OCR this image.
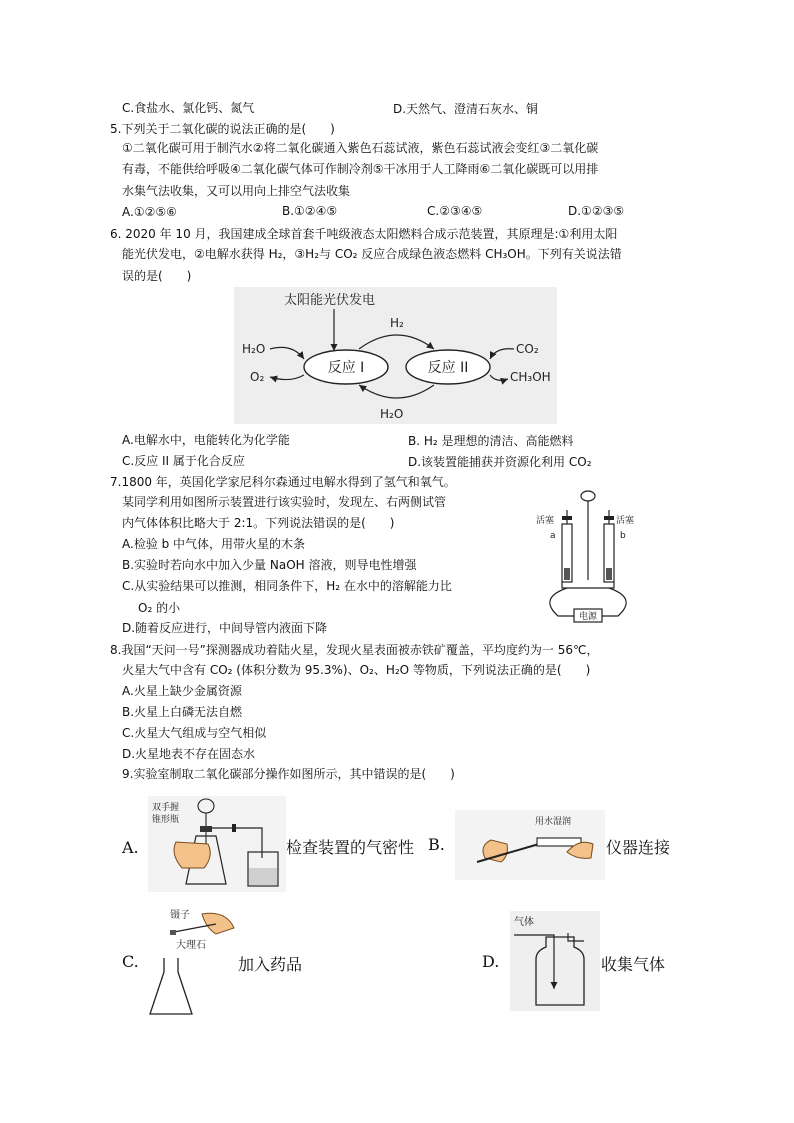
C.食盐水、氯化钙、氮气	D.天然气、澄清石灰水、铜
5.下列关于二氧化碳的说法正确的是(　　)
①二氧化碳可用于制汽水②将二氧化碳通入紫色石蕊试液，紫色石蕊试液会变红③二氧化碳
有毒，不能供给呼吸④二氧化碳气体可作制冷剂⑤干冰用于人工降雨⑥二氧化碳既可以用排
水集气法收集，又可以用向上排空气法收集
A.①②⑤⑥	B.①②④⑤	C.②③④⑤	D.①②③⑤
6. 2020 年 10 月，我国建成全球首套千吨级液态太阳燃料合成示范装置，其原理是:①利用太阳
能光伏发电，②电解水获得 H₂，③H₂与 CO₂ 反应合成绿色液态燃料 CH₃OH。下列有关说法错
误的是(　　)
太阳能光伏发电
反应 I	反应 II
H₂
H₂O
H₂O
O₂
CO₂
CH₃OH
A.电解水中，电能转化为化学能	B. H₂ 是理想的清洁、高能燃料
C.反应 II 属于化合反应	D.该装置能捕获并资源化利用 CO₂
7.1800 年，英国化学家尼科尔森通过电解水得到了氢气和氧气。
某同学利用如图所示装置进行该实验时，发现左、右两侧试管
内气体体积比略大于 2:1。下列说法错误的是(　　)
A.检验 b 中气体，用带火星的木条
B.实验时若向水中加入少量 NaOH 溶液，则导电性增强
C.从实验结果可以推测，相同条件下，H₂ 在水中的溶解能力比
O₂ 的小
D.随着反应进行，中间导管内液面下降
活塞	活塞
a	b
电源
8.我国“天问一号”探测器成功着陆火星，发现火星表面被赤铁矿覆盖，平均度约为一 56℃，
火星大气中含有 CO₂ (体积分数为 95.3%)、O₂、H₂O 等物质，下列说法正确的是(　　)
A.火星上缺少金属资源
B.火星上白磷无法自燃
C.火星大气组成与空气相似
D.火星地表不存在固态水
9.实验室制取二氧化碳部分操作如图所示，其中错误的是(　　)
A.
双手握
锥形瓶
检查装置的气密性 B.
用水湿润
仪器连接
C.
镊子
大理石
加入药品	D.
气体
收集气体
